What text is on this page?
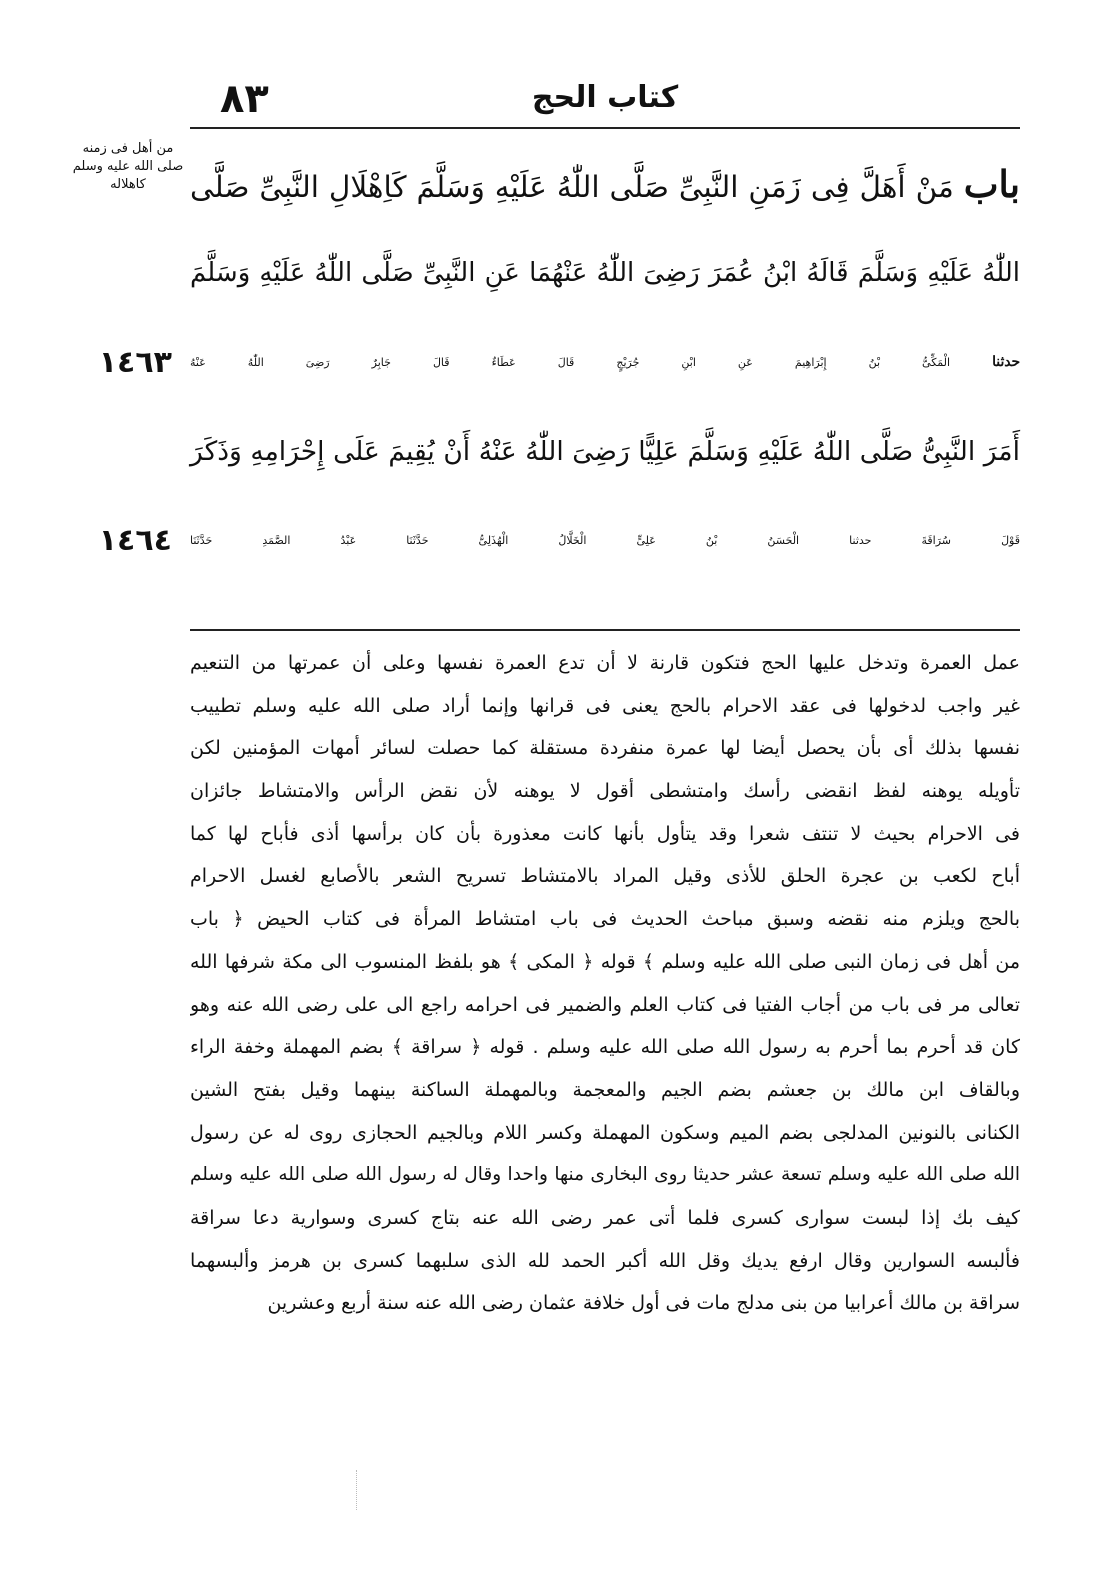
كتاب الحج
٨٣
من أهل فى زمنه
صلى الله عليه وسلم
كاهلاله	باب مَنْ أَهَلَّ فِى زَمَنِ النَّبِىِّ صَلَّى اللّٰهُ عَلَيْهِ وَسَلَّمَ كَاِهْلَالِ النَّبِىِّ صَلَّى
اللّٰهُ عَلَيْهِ وَسَلَّمَ قَالَهُ ابْنُ عُمَرَ رَضِىَ اللّٰهُ عَنْهُمَا عَنِ النَّبِىِّ صَلَّى اللّٰهُ عَلَيْهِ وَسَلَّمَ
حدثنا الْمَكِّىُّ بْنُ إِبْرَاهِيمَ عَنِ ابْنِ جُرَيْجٍ قَالَ عَطَاءٌ قَالَ جَابِرٌ رَضِىَ اللّٰهُ عَنْهُ
١٤٦٣
أَمَرَ النَّبِىُّ صَلَّى اللّٰهُ عَلَيْهِ وَسَلَّمَ عَلِيًّا رَضِىَ اللّٰهُ عَنْهُ أَنْ يُقِيمَ عَلَى إِحْرَامِهِ وَذَكَرَ
قَوْلَ سُرَاقَةَ حدثنا الْحَسَنُ بْنُ عَلِىٍّ الْخَلَّالُ الْهُذَلِىُّ حَدَّثَنَا عَبْدُ الصَّمَدِ حَدَّثَنَا
١٤٦٤
عمل العمرة وتدخل عليها الحج فتكون قارنة لا أن تدع العمرة نفسها وعلى أن عمرتها من التنعيم
غير واجب لدخولها فى عقد الاحرام بالحج يعنى فى قرانها وإنما أراد صلى الله عليه وسلم تطييب
نفسها بذلك أى بأن يحصل أيضا لها عمرة منفردة مستقلة كما حصلت لسائر أمهات المؤمنين لكن
تأويله يوهنه لفظ انقضى رأسك وامتشطى أقول لا يوهنه لأن نقض الرأس والامتشاط جائزان
فى الاحرام بحيث لا تنتف شعرا وقد يتأول بأنها كانت معذورة بأن كان برأسها أذى فأباح لها كما
أباح لكعب بن عجرة الحلق للأذى وقيل المراد بالامتشاط تسريح الشعر بالأصابع لغسل الاحرام
بالحج ويلزم منه نقضه وسبق مباحث الحديث فى باب امتشاط المرأة فى كتاب الحيض ﴿ باب
من أهل فى زمان النبى صلى الله عليه وسلم ﴾ قوله ﴿ المكى ﴾ هو بلفظ المنسوب الى مكة شرفها الله
تعالى مر فى باب من أجاب الفتيا فى كتاب العلم والضمير فى احرامه راجع الى على رضى الله عنه وهو
كان قد أحرم بما أحرم به رسول الله صلى الله عليه وسلم . قوله ﴿ سراقة ﴾ بضم المهملة وخفة الراء
وبالقاف ابن مالك بن جعشم بضم الجيم والمعجمة وبالمهملة الساكنة بينهما وقيل بفتح الشين
الكنانى بالنونين المدلجى بضم الميم وسكون المهملة وكسر اللام وبالجيم الحجازى روى له عن رسول
الله صلى الله عليه وسلم تسعة عشر حديثا روى البخارى منها واحدا وقال له رسول الله صلى الله عليه وسلم
كيف بك إذا لبست سوارى كسرى فلما أتى عمر رضى الله عنه بتاج كسرى وسوارية دعا سراقة
فألبسه السوارين وقال ارفع يديك وقل الله أكبر الحمد لله الذى سلبهما كسرى بن هرمز وألبسهما
سراقة بن مالك أعرابيا من بنى مدلج مات فى أول خلافة عثمان رضى الله عنه سنة أربع وعشرين
